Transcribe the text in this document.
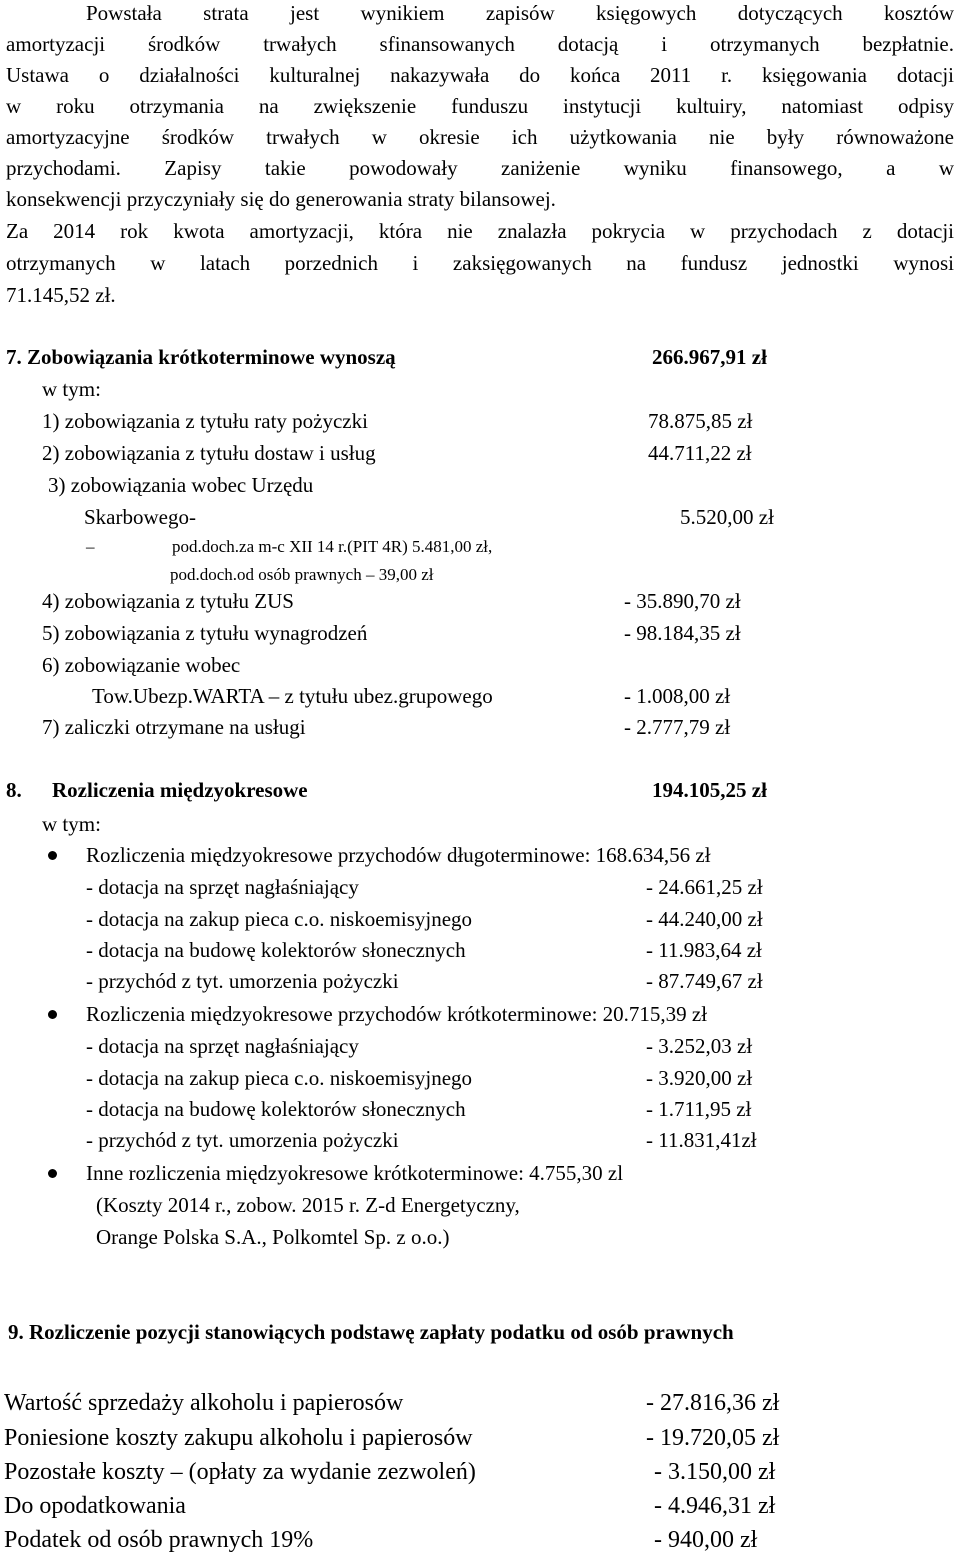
Powstała strata jest wynikiem zapisów księgowych dotyczących kosztów
amortyzacji środków trwałych sfinansowanych dotacją i otrzymanych bezpłatnie.
Ustawa o działalności kulturalnej nakazywała do końca 2011 r. księgowania dotacji
w roku otrzymania na zwiększenie funduszu instytucji kultuiry, natomiast odpisy
amortyzacyjne środków trwałych w okresie ich użytkowania nie były równoważone
przychodami. Zapisy takie powodowały zaniżenie wyniku finansowego, a w
konsekwencji przyczyniały się do generowania straty bilansowej.
Za 2014 rok kwota amortyzacji, która nie znalazła pokrycia w przychodach z dotacji
otrzymanych w latach porzednich i zaksięgowanych na fundusz jednostki wynosi
71.145,52 zł.
7. Zobowiązania krótkoterminowe wynoszą	266.967,91 zł
w tym:
1) zobowiązania z tytułu raty pożyczki	78.875,85 zł
2) zobowiązania z tytułu dostaw i usług	44.711,22 zł
3) zobowiązania wobec Urzędu
Skarbowego-	5.520,00 zł
–	pod.doch.za m-c XII 14 r.(PIT 4R) 5.481,00 zł,
pod.doch.od osób prawnych – 39,00 zł
4) zobowiązania z tytułu ZUS	- 35.890,70 zł
5) zobowiązania z tytułu wynagrodzeń	- 98.184,35 zł
6) zobowiązanie wobec
Tow.Ubezp.WARTA – z tytułu ubez.grupowego	- 1.008,00 zł
7) zaliczki otrzymane na usługi	- 2.777,79 zł
8. Rozliczenia międzyokresowe	194.105,25 zł
w tym:
Rozliczenia międzyokresowe przychodów długoterminowe: 168.634,56 zł
- dotacja na sprzęt nagłaśniający	- 24.661,25 zł
- dotacja na zakup pieca c.o. niskoemisyjnego	- 44.240,00 zł
- dotacja na budowę kolektorów słonecznych	- 11.983,64 zł
- przychód z tyt. umorzenia pożyczki	- 87.749,67 zł
Rozliczenia międzyokresowe przychodów krótkoterminowe: 20.715,39 zł
- dotacja na sprzęt nagłaśniający	- 3.252,03 zł
- dotacja na zakup pieca c.o. niskoemisyjnego	- 3.920,00 zł
- dotacja na budowę kolektorów słonecznych	- 1.711,95 zł
- przychód z tyt. umorzenia pożyczki	- 11.831,41zł
Inne rozliczenia międzyokresowe krótkoterminowe: 4.755,30 zl
(Koszty 2014 r., zobow. 2015 r. Z-d Energetyczny,
Orange Polska S.A., Polkomtel Sp. z o.o.)
9. Rozliczenie pozycji stanowiących podstawę zapłaty podatku od osób prawnych
Wartość sprzedaży alkoholu i papierosów	- 27.816,36 zł
Poniesione koszty zakupu alkoholu i papierosów	- 19.720,05 zł
Pozostałe koszty – (opłaty za wydanie zezwoleń)	- 3.150,00 zł
Do opodatkowania	- 4.946,31 zł
Podatek od osób prawnych 19%	- 940,00 zł
